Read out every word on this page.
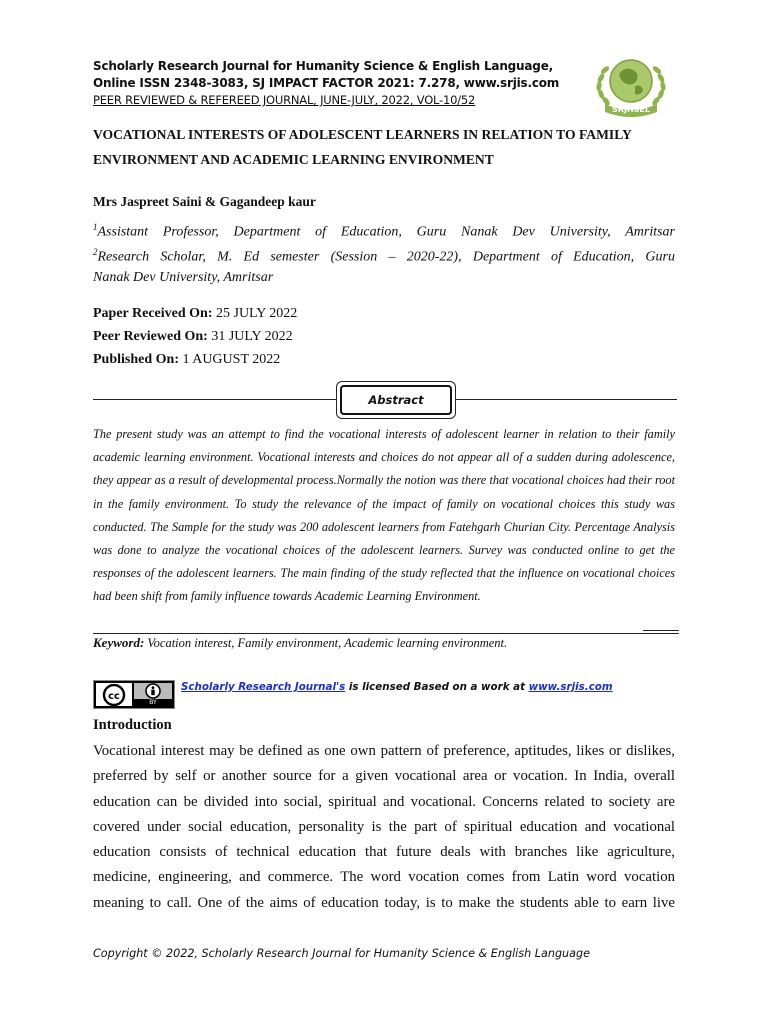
Scholarly Research Journal for Humanity Science & English Language,
Online ISSN 2348-3083, SJ IMPACT FACTOR 2021: 7.278, www.srjis.com
PEER REVIEWED & REFEREED JOURNAL, JUNE-JULY, 2022, VOL-10/52
SRJHSEL
VOCATIONAL INTERESTS OF ADOLESCENT LEARNERS IN RELATION TO FAMILY ENVIRONMENT AND ACADEMIC LEARNING ENVIRONMENT
Mrs Jaspreet Saini & Gagandeep kaur
$^1$Assistant Professor, Department of Education, Guru Nanak Dev University, Amritsar
$^2$Research Scholar, M. Ed semester (Session – 2020-22), Department of Education, Guru
Nanak Dev University, Amritsar
Paper Received On: 25 JULY 2022
Peer Reviewed On: 31 JULY 2022
Published On: 1 AUGUST 2022
Abstract
The present study was an attempt to find the vocational interests of adolescent learner in relation to their family academic learning environment. Vocational interests and choices do not appear all of a sudden during adolescence, they appear as a result of developmental process.Normally the notion was there that vocational choices had their root in the family environment. To study the relevance of the impact of family on vocational choices this study was conducted. The Sample for the study was 200 adolescent learners from Fatehgarh Churian City. Percentage Analysis was done to analyze the vocational choices of the adolescent learners. Survey was conducted online to get the responses of the adolescent learners. The main finding of the study reflected that the influence on vocational choices had been shift from family influence towards Academic Learning Environment.
Keyword: Vocation interest, Family environment, Academic learning environment.
cc
BY
Scholarly Research Journal's is licensed Based on a work at www.srjis.com
Introduction
Vocational interest may be defined as one own pattern of preference, aptitudes, likes or dislikes,
preferred by self or another source for a given vocational area or vocation. In India, overall
education can be divided into social, spiritual and vocational. Concerns related to society are
covered under social education, personality is the part of spiritual education and vocational
education consists of technical education that future deals with branches like agriculture,
medicine, engineering, and commerce. The word vocation comes from Latin word vocation
meaning to call. One of the aims of education today, is to make the students able to earn live
Copyright © 2022, Scholarly Research Journal for Humanity Science & English Language
